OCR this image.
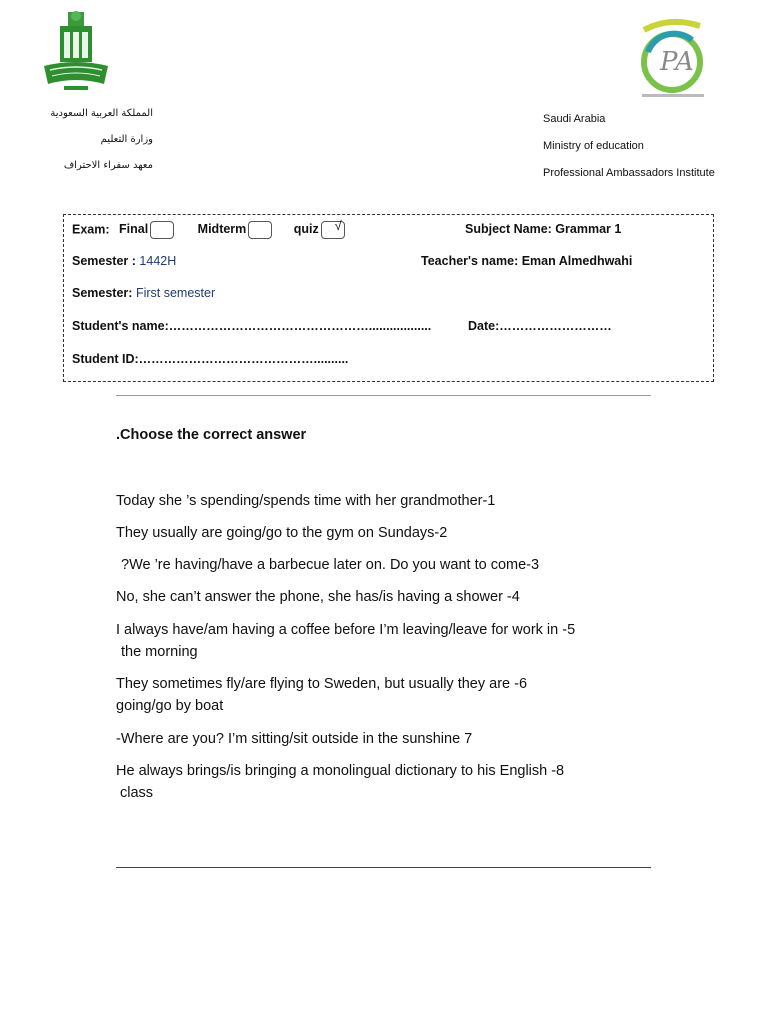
المملكة العربية السعودية
وزارة التعليم
معهد سفراء الاحتراف
PA
Saudi Arabia
Ministry of education
Professional Ambassadors Institute
Exam: Final	Midterm	quiz √	Subject Name: Grammar 1
Semester : 1442H	Teacher's name: Eman Almedhwahi
Semester: First semester
Student's name:…………………………………………..................	Date:………………………
Student ID:……………………………………..........
.Choose the correct answer
Today she ’s spending/spends time with her grandmother-1
They usually are going/go to the gym on Sundays-2
?We ’re having/have a barbecue later on. Do you want to come-3
No, she can’t answer the phone, she has/is having a shower -4
I always have/am having a coffee before I’m leaving/leave for work in -5
the morning
They sometimes fly/are flying to Sweden, but usually they are -6
going/go by boat
-Where are you? I’m sitting/sit outside in the sunshine 7
He always brings/is bringing a monolingual dictionary to his English -8
class
